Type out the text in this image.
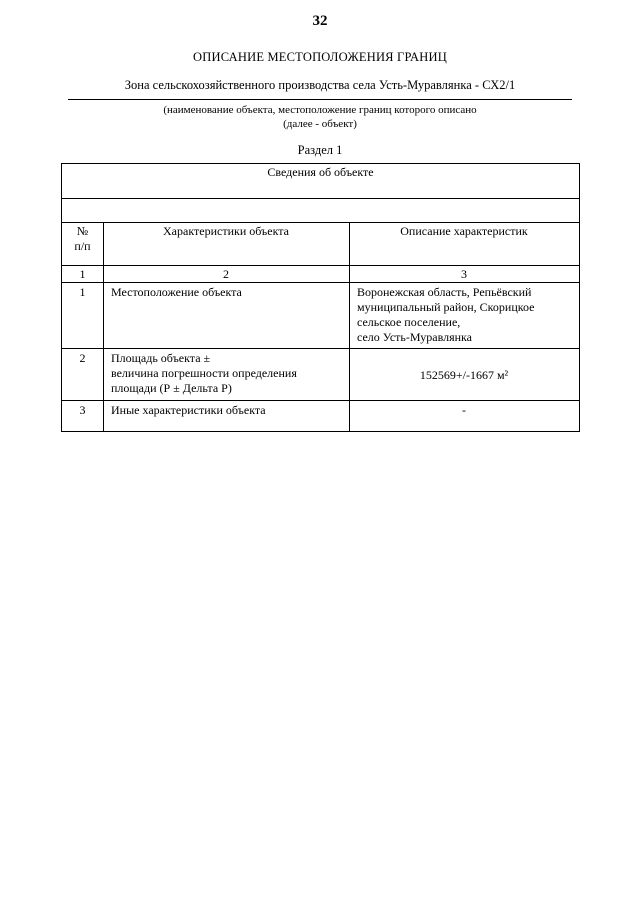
32
ОПИСАНИЕ МЕСТОПОЛОЖЕНИЯ ГРАНИЦ
Зона сельскохозяйственного производства села Усть-Муравлянка - СХ2/1
(наименование объекта, местоположение границ которого описано
(далее - объект)
Раздел 1
Сведения об объекте		

№
п/п	Характеристики объекта	Описание характеристик
1	2	3
1	Местоположение объекта	Воронежская область, Репьёвский
муниципальный район, Скорицкое
сельское поселение,
село Усть-Муравлянка

2	Площадь объекта ±
величина погрешности определения
площади (Р ± Дельта Р)	152569+/-1667 м²

3	Иные характеристики объекта	-
